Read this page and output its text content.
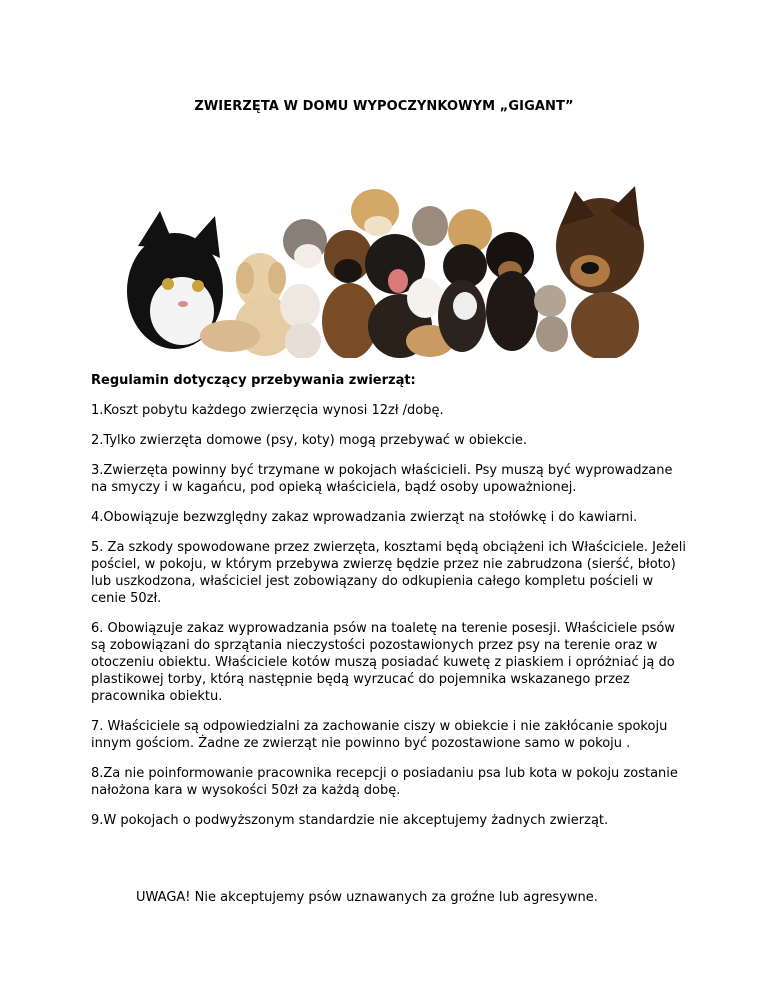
ZWIERZĘTA W DOMU WYPOCZYNKOWYM „GIGANT”
Regulamin dotyczący przebywania zwierząt:

1.Koszt pobytu każdego zwierzęcia wynosi 12zł /dobę.

2.Tylko zwierzęta domowe (psy, koty) mogą przebywać w obiekcie.

3.Zwierzęta powinny być trzymane w pokojach właścicieli. Psy muszą być wyprowadzane na smyczy i w kagańcu, pod opieką właściciela, bądź osoby upoważnionej.

4.Obowiązuje bezwzględny zakaz wprowadzania zwierząt na stołówkę i do kawiarni.

5. Za szkody spowodowane przez zwierzęta, kosztami będą obciążeni ich Właściciele. Jeżeli pościel, w pokoju, w którym przebywa zwierzę będzie przez nie zabrudzona (sierść, błoto) lub uszkodzona, właściciel jest zobowiązany do odkupienia całego kompletu pościeli w cenie 50zł.

6. Obowiązuje zakaz wyprowadzania psów na toaletę na terenie posesji. Właściciele psów są zobowiązani do sprzątania nieczystości pozostawionych przez psy na terenie oraz w otoczeniu obiektu. Właściciele kotów muszą posiadać kuwetę z piaskiem i opróżniać ją do plastikowej torby, którą następnie będą wyrzucać do pojemnika wskazanego przez pracownika obiektu.

7. Właściciele są odpowiedzialni za zachowanie ciszy w obiekcie i nie zakłócanie spokoju innym gościom. Żadne ze zwierząt nie powinno być pozostawione samo w pokoju .

8.Za nie poinformowanie pracownika recepcji o posiadaniu psa lub kota w pokoju zostanie nałożona kara w wysokości 50zł za każdą dobę.

9.W pokojach o podwyższonym standardzie nie akceptujemy żadnych zwierząt.

UWAGA! Nie akceptujemy psów uznawanych za groźne lub agresywne.
